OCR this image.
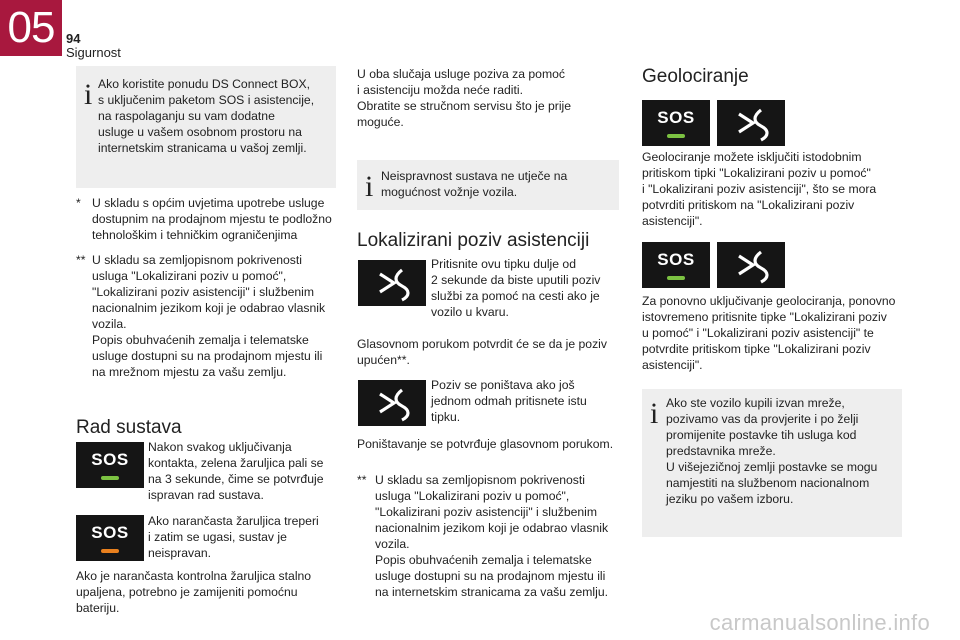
05 94
Sigurnost
i Ako koristite ponudu DS Connect BOX,
s uključenim paketom SOS i asistencije,
na raspolaganju su vam dodatne
usluge u vašem osobnom prostoru na
internetskim stranicama u vašoj zemlji.
* U skladu s općim uvjetima upotrebe usluge
dostupnim na prodajnom mjestu te podložno
tehnološkim i tehničkim ograničenjima
** U skladu sa zemljopisnom pokrivenosti
usluga "Lokalizirani poziv u pomoć",
"Lokalizirani poziv asistenciji" i službenim
nacionalnim jezikom koji je odabrao vlasnik
vozila.
Popis obuhvaćenih zemalja i telematske
usluge dostupni su na prodajnom mjestu ili
na mrežnom mjestu za vašu zemlju.
Rad sustava
SOS
Nakon svakog uključivanja
kontakta, zelena žaruljica pali se
na 3 sekunde, čime se potvrđuje
ispravan rad sustava.
SOS
Ako narančasta žaruljica treperi
i zatim se ugasi, sustav je
neispravan.
Ako je narančasta kontrolna žaruljica stalno
upaljena, potrebno je zamijeniti pomoćnu
bateriju.
U oba slučaja usluge poziva za pomoć
i asistenciju možda neće raditi.
Obratite se stručnom servisu što je prije
moguće.
i Neispravnost sustava ne utječe na
mogućnost vožnje vozila.
Lokalizirani poziv asistenciji
Pritisnite ovu tipku dulje od
2 sekunde da biste uputili poziv
službi za pomoć na cesti ako je
vozilo u kvaru.
Glasovnom porukom potvrdit će se da je poziv
upućen**.
Poziv se poništava ako još
jednom odmah pritisnete istu
tipku.
Poništavanje se potvrđuje glasovnom porukom.
** U skladu sa zemljopisnom pokrivenosti
usluga "Lokalizirani poziv u pomoć",
"Lokalizirani poziv asistenciji" i službenim
nacionalnim jezikom koji je odabrao vlasnik
vozila.
Popis obuhvaćenih zemalja i telematske
usluge dostupni su na prodajnom mjestu ili
na internetskim stranicama za vašu zemlju.
Geolociranje
SOS
Geolociranje možete isključiti istodobnim
pritiskom tipki "Lokalizirani poziv u pomoć"
i "Lokalizirani poziv asistenciji", što se mora
potvrditi pritiskom na "Lokalizirani poziv
asistenciji".
SOS
Za ponovno uključivanje geolociranja, ponovno
istovremeno pritisnite tipke "Lokalizirani poziv
u pomoć" i "Lokalizirani poziv asistenciji" te
potvrdite pritiskom tipke "Lokalizirani poziv
asistenciji".
i Ako ste vozilo kupili izvan mreže,
pozivamo vas da provjerite i po želji
promijenite postavke tih usluga kod
predstavnika mreže.
U višejezičnoj zemlji postavke se mogu
namjestiti na službenom nacionalnom
jeziku po vašem izboru.
carmanualsonline.info
